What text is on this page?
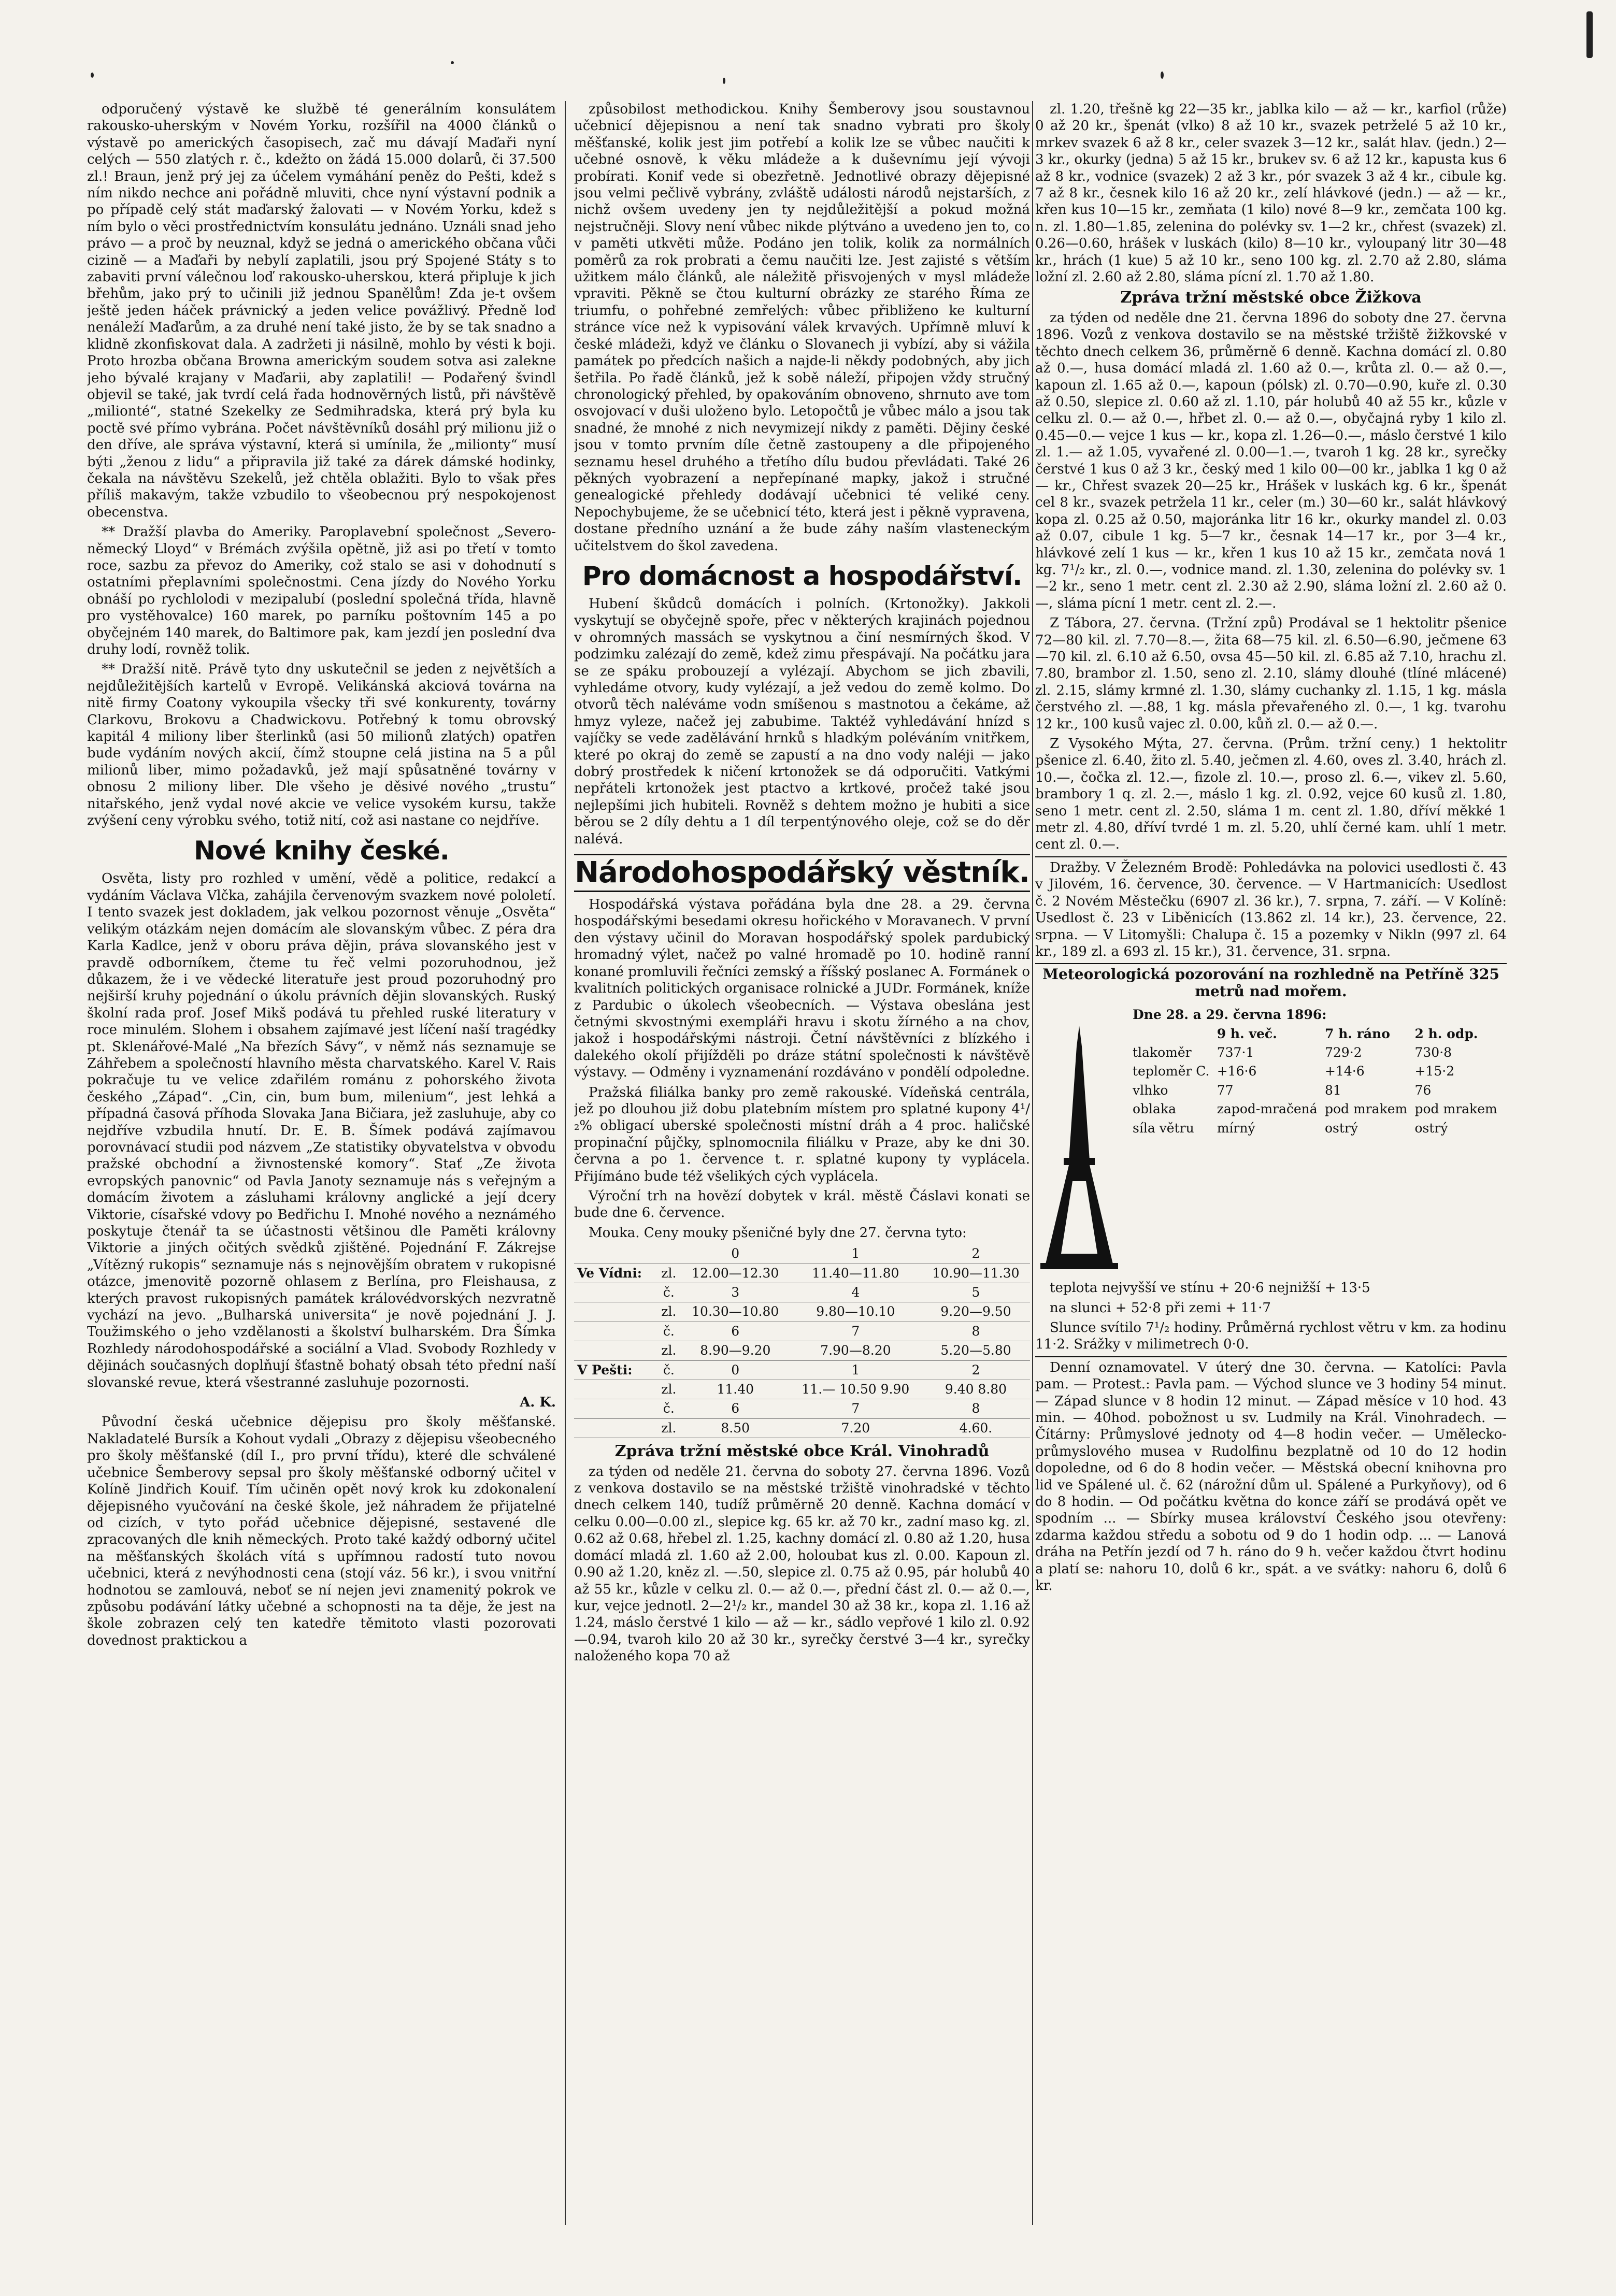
odporučený výstavě ke službě té generálním konsulátem rakousko-uherským v Novém Yorku, rozšířil na 4000 článků o výstavě po amerických časopisech, zač mu dávají Maďaři nyní celých — 550 zlatých r. č., kdežto on žádá 15.000 dolarů, či 37.500 zl.! Braun, jenž prý jej za účelem vymáhání peněz do Pešti, kdež s ním nikdo nechce ani pořádně mluviti, chce nyní výstavní podnik a po případě celý stát maďarský žalovati — v Novém Yorku, kdež s ním bylo o věci prostřednictvím konsulátu jednáno. Uználi snad jeho právo — a proč by neuznal, když se jedná o amerického občana vůči cizině — a Maďaři by nebylí zaplatili, jsou prý Spojené Státy s to zabaviti první válečnou loď rakousko-uherskou, která připluje k jich břehům, jako prý to učinili již jednou Spanělům! Zda je-t ovšem ještě jeden háček právnický a jeden velice povážlivý. Předně loď nenáleží Maďarům, a za druhé není také jisto, že by se tak snadno a klidně zkonfiskovat dala. A zadržeti ji násilně, mohlo by vésti k boji. Proto hrozba občana Browna americkým soudem sotva asi zalekne jeho bývalé krajany v Maďarii, aby zaplatili! — Podařený švindl objevil se také, jak tvrdí celá řada hodnověrných listů, při návštěvě „milionté“, statné Szekelky ze Sedmihradska, která prý byla ku poctě své přímo vybrána. Počet návštěvníků dosáhl prý milionu již o den dříve, ale správa výstavní, která si umínila, že „milionty“ musí býti „ženou z lidu“ a připravila již také za dárek dámské hodinky, čekala na návštěvu Szekelů, jež chtěla oblažiti. Bylo to však přes příliš makavým, takže vzbudilo to všeobecnou prý nespokojenost obecenstva.

** Dražší plavba do Ameriky. Paroplavební společnost „Severo-německý Lloyd“ v Brémách zvýšila opětně, již asi po třetí v tomto roce, sazbu za převoz do Ameriky, což stalo se asi v dohodnutí s ostatními přeplavními společnostmi. Cena jízdy do Nového Yorku obnáší po rychlolodi v mezipalubí (poslední společná třída, hlavně pro vystěhovalce) 160 marek, po parníku poštovním 145 a po obyčejném 140 marek, do Baltimore pak, kam jezdí jen poslední dva druhy lodí, rovněž tolik.

** Dražší nitě. Právě tyto dny uskutečnil se jeden z největších a nejdůležitějších kartelů v Evropě. Velikánská akciová továrna na nitě firmy Coatony vykoupila všecky tři své konkurenty, továrny Clarkovu, Brokovu a Chadwickovu. Potřebný k tomu obrovský kapitál 4 miliony liber šterlinků (asi 50 milionů zlatých) opatřen bude vydáním nových akcií, čímž stoupne celá jistina na 5 a půl milionů liber, mimo požadavků, jež mají spůsatněné továrny v obnosu 2 miliony liber. Dle všeho je děsivé nového „trustu“ nitařského, jenž vydal nové akcie ve velice vysokém kursu, takže zvýšení ceny výrobku svého, totiž nití, což asi nastane co nejdříve.

Nové knihy české.

Osvěta, listy pro rozhled v umění, vědě a politice, redakcí a vydáním Václava Vlčka, zahájila červenovým svazkem nové pololetí. I tento svazek jest dokladem, jak velkou pozornost věnuje „Osvěta“ velikým otázkám nejen domácím ale slovanským vůbec. Z péra dra Karla Kadlce, jenž v oboru práva dějin, práva slovanského jest v pravdě odborníkem, čteme tu řeč velmi pozoruhodnou, jež důkazem, že i ve vědecké literatuře jest proud pozoruhodný pro nejširší kruhy pojednání o úkolu právních dějin slovanských. Ruský školní rada prof. Josef Mikš podává tu přehled ruské literatury v roce minulém. Slohem i obsahem zajímavé jest líčení naší tragédky pt. Sklenářové-Malé „Na březích Sávy“, v němž nás seznamuje se Záhřebem a společností hlavního města charvatského. Karel V. Rais pokračuje tu ve velice zdařilém románu z pohorského života českého „Západ“. „Cin, cin, bum bum, milenium“, jest lehká a případná časová příhoda Slovaka Jana Bičiara, jež zasluhuje, aby co nejdříve vzbudila hnutí. Dr. E. B. Šímek podává zajímavou porovnávací studii pod názvem „Ze statistiky obyvatelstva v obvodu pražské obchodní a živnostenské komory“. Stať „Ze života evropských panovnic“ od Pavla Janoty seznamuje nás s veřejným a domácím životem a zásluhami královny anglické a její dcery Viktorie, císařské vdovy po Bedřichu I. Mnohé nového a neznámého poskytuje čtenář ta se účastnosti většinou dle Paměti královny Viktorie a jiných očitých svědků zjištěné. Pojednání F. Zákrejse „Vítězný rukopis“ seznamuje nás s nejnovějším obratem v rukopisné otázce, jmenovitě pozorně ohlasem z Berlína, pro Fleishausa, z kterých pravost rukopisných památek královédvorských nezvratně vychází na jevo. „Bulharská universita“ je nově pojednání J. J. Toužimského o jeho vzdělanosti a školství bulharském. Dra Šímka Rozhledy národohospodářské a sociální a Vlad. Svobody Rozhledy v dějinách současných doplňují šťastně bohatý obsah této přední naší slovanské revue, která všestranné zasluhuje pozornosti.

A. K.

Původní česká učebnice dějepisu pro školy měšťanské. Nakladatelé Bursík a Kohout vydali „Obrazy z dějepisu všeobecného pro školy měšťanské (díl I., pro první třídu), které dle schválené učebnice Šemberovy sepsal pro školy měšťanské odborný učitel v Kolíně Jindřich Kouif. Tím učiněn opět nový krok ku zdokonalení dějepisného vyučování na české škole, jež náhradem že přijatelné od cizích, v tyto pořád učebnice dějepisné, sestavené dle zpracovaných dle knih německých. Proto také každý odborný učitel na měšťanských školách vítá s upřímnou radostí tuto novou učebnici, která z nevýhodnosti cena (stojí váz. 56 kr.), i svou vnitřní hodnotou se zamlouvá, neboť se ní nejen jevi znamenitý pokrok ve způsobu podávání látky učebné a schopnosti na ta děje, že jest na škole zobrazen celý ten katedře těmitoto vlasti pozorovati dovednost praktickou a

způsobilost methodickou. Knihy Šemberovy jsou soustavnou učebnicí dějepisnou a není tak snadno vybrati pro školy měšťanské, kolik jest jim potřebí a kolik lze se vůbec naučiti k učebné osnově, k věku mládeže a k duševnímu její vývoji probírati. Konif vede si obezřetně. Jednotlivé obrazy dějepisné jsou velmi pečlivě vybrány, zvláště události národů nejstarších, z nichž ovšem uvedeny jen ty nejdůležitější a pokud možná nejstručněji. Slovy není vůbec nikde plýtváno a uvedeno jen to, co v paměti utkvěti může. Podáno jen tolik, kolik za normálních poměrů za rok probrati a čemu naučiti lze. Jest zajisté s větším užitkem málo článků, ale náležitě přisvojených v mysl mládeže vpraviti. Pěkně se čtou kulturní obrázky ze starého Říma ze triumfu, o pohřebné zemřelých: vůbec přibliženo ke kulturní stránce více než k vypisování válek krvavých. Upřímně mluví k české mládeži, když ve článku o Slovanech ji vybízí, aby si vážila památek po předcích našich a najde-li někdy podobných, aby jich šetřila. Po řadě článků, jež k sobě náleží, připojen vždy stručný chronologický přehled, by opakováním obnoveno, shrnuto ave tom osvojovací v duši uloženo bylo. Letopočtů je vůbec málo a jsou tak snadné, že mnohé z nich nevymizejí nikdy z paměti. Dějiny české jsou v tomto prvním díle četně zastoupeny a dle připojeného seznamu hesel druhého a třetího dílu budou převládati. Také 26 pěkných vyobrazení a nepřepínané mapky, jakož i stručné genealogické přehledy dodávají učebnici té veliké ceny. Nepochybujeme, že se učebnicí této, která jest i pěkně vypravena, dostane předního uznání a že bude záhy naším vlasteneckým učitelstvem do škol zavedena.

Pro domácnost a hospodářství.

Hubení škůdců domácích i polních. (Krtonožky). Jakkoli vyskytují se obyčejně spoře, přec v některých krajinách pojednou v ohromných massách se vyskytnou a činí nesmírných škod. V podzimku zalézají do země, kdež zimu přespávají. Na počátku jara se ze spáku probouzejí a vylézají. Abychom se jich zbavili, vyhledáme otvory, kudy vylézají, a jež vedou do země kolmo. Do otvorů těch naléváme vodn smíšenou s mastnotou a čekáme, až hmyz vyleze, načež jej zabubime. Taktéž vyhledávání hnízd s vajíčky se vede zadělávání hrnků s hladkým poléváním vnitřkem, které po okraj do země se zapustí a na dno vody naléji — jako dobrý prostředek k ničení krtonožek se dá odporučiti. Vatkými nepřáteli krtonožek jest ptactvo a krtkové, pročež také jsou nejlepšími jich hubiteli. Rovněž s dehtem možno je hubiti a sice běrou se 2 díly dehtu a 1 díl terpentýnového oleje, což se do děr nalévá.

Národohospodářský věstník.

Hospodářská výstava pořádána byla dne 28. a 29. června hospodářskými besedami okresu hořického v Moravanech. V první den výstavy učinil do Moravan hospodářský spolek pardubický hromadný výlet, načež po valné hromadě po 10. hodině ranní konané promluvili řečníci zemský a říšský poslanec A. Formánek o kvalitních politických organisace rolnické a JUDr. Formánek, kníže z Pardubic o úkolech všeobecních. — Výstava obeslána jest četnými skvostnými exempláři hravu i skotu žírného a na chov, jakož i hospodářskými nástroji. Četní návštěvníci z blízkého i dalekého okolí přijížděli po dráze státní společnosti k návštěvě výstavy. — Odměny i vyznamenání rozdáváno v pondělí odpoledne.

Pražská filiálka banky pro země rakouské. Vídeňská centrála, jež po dlouhou již dobu platebním místem pro splatné kupony 4¹/₂% obligací uberské společnosti místní dráh a 4 proc. haličské propinační půjčky, splnomocnila filiálku v Praze, aby ke dni 30. června a po 1. července t. r. splatné kupony ty vyplácela. Přijímáno bude též všelikých cých vyplácela.

Výroční trh na hovězí dobytek v král. městě Čáslavi konati se bude dne 6. července.

Mouka. Ceny mouky pšeničné byly dne 27. června tyto:

		0	1	2
Ve Vídni:	zl.	12.00—12.30	11.40—11.80	10.90—11.30
	č.	3	4	5
	zl.	10.30—10.80	9.80—10.10	9.20—9.50
	č.	6	7	8
	zl.	8.90—9.20	7.90—8.20	5.20—5.80
V Pešti:	č.	0	1	2
	zl.	11.40	11.— 10.50 9.90	9.40 8.80
	č.	6	7	8
	zl.	8.50	7.20	4.60.
Zpráva tržní městské obce Král. Vinohradů

za týden od neděle 21. června do soboty 27. června 1896. Vozů z venkova dostavilo se na městské tržiště vinohradské v těchto dnech celkem 140, tudíž průměrně 20 denně. Kachna domácí v celku 0.00—0.00 zl., slepice kg. 65 kr. až 70 kr., zadní maso kg. zl. 0.62 až 0.68, hřebel zl. 1.25, kachny domácí zl. 0.80 až 1.20, husa domácí mladá zl. 1.60 až 2.00, holoubat kus zl. 0.00. Kapoun zl. 0.90 až 1.20, kněz zl. —.50, slepice zl. 0.75 až 0.95, pár holubů 40 až 55 kr., kůzle v celku zl. 0.— až 0.—, přední část zl. 0.— až 0.—, kur, vejce jednotl. 2—2¹/₂ kr., mandel 30 až 38 kr., kopa zl. 1.16 až 1.24, máslo čerstvé 1 kilo — až — kr., sádlo vepřové 1 kilo zl. 0.92—0.94, tvaroh kilo 20 až 30 kr., syrečky čerstvé 3—4 kr., syrečky naloženého kopa 70 až

zl. 1.20, třešně kg 22—35 kr., jablka kilo — až — kr., karfiol (růže) 0 až 20 kr., špenát (vlko) 8 až 10 kr., svazek petrželé 5 až 10 kr., mrkev svazek 6 až 8 kr., celer svazek 3—12 kr., salát hlav. (jedn.) 2—3 kr., okurky (jedna) 5 až 15 kr., brukev sv. 6 až 12 kr., kapusta kus 6 až 8 kr., vodnice (svazek) 2 až 3 kr., pór svazek 3 až 4 kr., cibule kg. 7 až 8 kr., česnek kilo 16 až 20 kr., zelí hlávkové (jedn.) — až — kr., křen kus 10—15 kr., zemňata (1 kilo) nové 8—9 kr., zemčata 100 kg. n. zl. 1.80—1.85, zelenina do polévky sv. 1—2 kr., chřest (svazek) zl. 0.26—0.60, hrášek v luskách (kilo) 8—10 kr., vyloupaný litr 30—48 kr., hrách (1 kue) 5 až 10 kr., seno 100 kg. zl. 2.70 až 2.80, sláma ložní zl. 2.60 až 2.80, sláma pícní zl. 1.70 až 1.80.

Zpráva tržní městské obce Žižkova

za týden od neděle dne 21. června 1896 do soboty dne 27. června 1896. Vozů z venkova dostavilo se na městské tržiště žižkovské v těchto dnech celkem 36, průměrně 6 denně. Kachna domácí zl. 0.80 až 0.—, husa domácí mladá zl. 1.60 až 0.—, krůta zl. 0.— až 0.—, kapoun zl. 1.65 až 0.—, kapoun (pólsk) zl. 0.70—0.90, kuře zl. 0.30 až 0.50, slepice zl. 0.60 až zl. 1.10, pár holubů 40 až 55 kr., kůzle v celku zl. 0.— až 0.—, hřbet zl. 0.— až 0.—, obyčajná ryby 1 kilo zl. 0.45—0.— vejce 1 kus — kr., kopa zl. 1.26—0.—, máslo čerstvé 1 kilo zl. 1.— až 1.05, vyvařené zl. 0.00—1.—, tvaroh 1 kg. 28 kr., syrečky čerstvé 1 kus 0 až 3 kr., český med 1 kilo 00—00 kr., jablka 1 kg 0 až — kr., Chřest svazek 20—25 kr., Hrášek v luskách kg. 6 kr., špenát cel 8 kr., svazek petržela 11 kr., celer (m.) 30—60 kr., salát hlávkový kopa zl. 0.25 až 0.50, majoránka litr 16 kr., okurky mandel zl. 0.03 až 0.07, cibule 1 kg. 5—7 kr., česnak 14—17 kr., por 3—4 kr., hlávkové zelí 1 kus — kr., křen 1 kus 10 až 15 kr., zemčata nová 1 kg. 7¹/₂ kr., zl. 0.—, vodnice mand. zl. 1.30, zelenina do polévky sv. 1—2 kr., seno 1 metr. cent zl. 2.30 až 2.90, sláma ložní zl. 2.60 až 0.—, sláma pícní 1 metr. cent zl. 2.—.

Z Tábora, 27. června. (Tržní způ) Prodával se 1 hektolitr pšenice 72—80 kil. zl. 7.70—8.—, žita 68—75 kil. zl. 6.50—6.90, ječmene 63—70 kil. zl. 6.10 až 6.50, ovsa 45—50 kil. zl. 6.85 až 7.10, hrachu zl. 7.80, brambor zl. 1.50, seno zl. 2.10, slámy dlouhé (tlíné mlácené) zl. 2.15, slámy krmné zl. 1.30, slámy cuchanky zl. 1.15, 1 kg. másla čerstvého zl. —.88, 1 kg. másla převařeného zl. 0.—, 1 kg. tvarohu 12 kr., 100 kusů vajec zl. 0.00, kůň zl. 0.— až 0.—.

Z Vysokého Mýta, 27. června. (Prům. tržní ceny.) 1 hektolitr pšenice zl. 6.40, žito zl. 5.40, ječmen zl. 4.60, oves zl. 3.40, hrách zl. 10.—, čočka zl. 12.—, fizole zl. 10.—, proso zl. 6.—, vikev zl. 5.60, brambory 1 q. zl. 2.—, máslo 1 kg. zl. 0.92, vejce 60 kusů zl. 1.80, seno 1 metr. cent zl. 2.50, sláma 1 m. cent zl. 1.80, dříví měkké 1 metr zl. 4.80, dříví tvrdé 1 m. zl. 5.20, uhlí černé kam. uhlí 1 metr. cent zl. 0.—.

Dražby. V Železném Brodě: Pohledávka na polovici usedlosti č. 43 v Jilovém, 16. července, 30. července. — V Hartmanicích: Usedlost č. 2 Novém Městečku (6907 zl. 36 kr.), 7. srpna, 7. září. — V Kolíně: Usedlost č. 23 v Liběnicích (13.862 zl. 14 kr.), 23. července, 22. srpna. — V Litomyšli: Chalupa č. 15 a pozemky v Nikln (997 zl. 64 kr., 189 zl. a 693 zl. 15 kr.), 31. července, 31. srpna.

Meteorologická pozorování na rozhledně na Petříně 325 metrů nad mořem.
Dne 28. a 29. června 1896:			
	9 h. več.	7 h. ráno	2 h. odp.
tlakoměr	737·1	729·2	730·8
teploměr C.	+16·6	+14·6	+15·2
vlhko	77	81	76
oblaka	zapod-mračená	pod mrakem	pod mrakem
síla větru	mírný	ostrý	ostrý

teplota nejvyšší ve stínu + 20·6 nejnižší + 13·5

na slunci + 52·8 při zemi + 11·7

Slunce svítilo 7¹/₂ hodiny. Průměrná rychlost větru v km. za hodinu 11·2. Srážky v milimetrech 0·0.

Denní oznamovatel. V úterý dne 30. června. — Katolíci: Pavla pam. — Protest.: Pavla pam. — Východ slunce ve 3 hodiny 54 minut. — Západ slunce v 8 hodin 12 minut. — Západ měsíce v 10 hod. 43 min. — 40hod. pobožnost u sv. Ludmily na Král. Vinohradech. — Čítárny: Průmyslové jednoty od 4—8 hodin večer. — Umělecko-průmyslového musea v Rudolfinu bezplatně od 10 do 12 hodin dopoledne, od 6 do 8 hodin večer. — Městská obecní knihovna pro lid ve Spálené ul. č. 62 (nárožní dům ul. Spálené a Purkyňovy), od 6 do 8 hodin. — Od počátku května do konce září se prodává opět ve spodním ... — Sbírky musea království Českého jsou otevřeny: zdarma každou středu a sobotu od 9 do 1 hodin odp. ... — Lanová dráha na Petřín jezdí od 7 h. ráno do 9 h. večer každou čtvrt hodinu a platí se: nahoru 10, dolů 6 kr., spát. a ve svátky: nahoru 6, dolů 6 kr.
